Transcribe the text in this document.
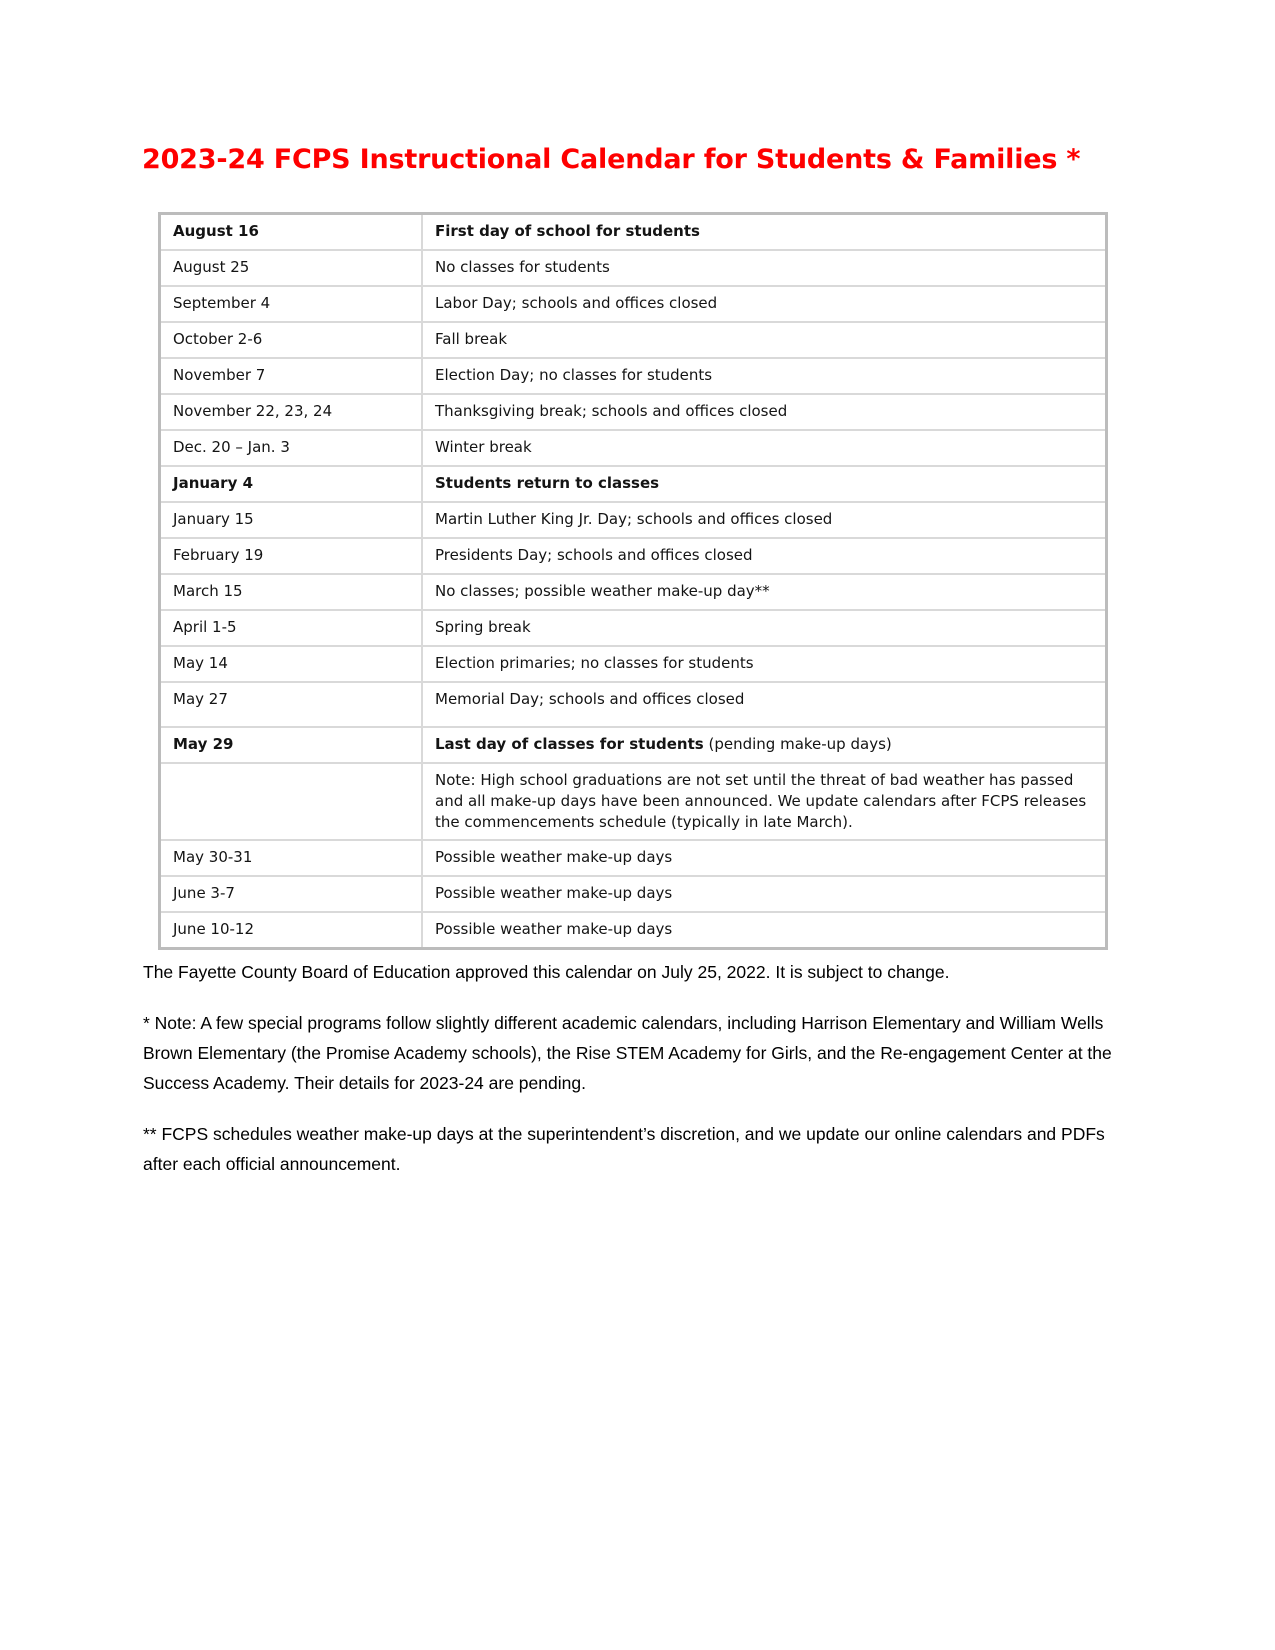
2023-24 FCPS Instructional Calendar for Students & Families *
August 16	First day of school for students
August 25	No classes for students
September 4	Labor Day; schools and offices closed
October 2-6	Fall break
November 7	Election Day; no classes for students
November 22, 23, 24	Thanksgiving break; schools and offices closed
Dec. 20 – Jan. 3	Winter break
January 4	Students return to classes
January 15	Martin Luther King Jr. Day; schools and offices closed
February 19	Presidents Day; schools and offices closed
March 15	No classes; possible weather make-up day**
April 1-5	Spring break
May 14	Election primaries; no classes for students
May 27	Memorial Day; schools and offices closed
May 29	Last day of classes for students (pending make-up days)
	Note: High school graduations are not set until the threat of bad weather has passed and all make-up days have been announced. We update calendars after FCPS releases the commencements schedule (typically in late March).
May 30-31	Possible weather make-up days
June 3-7	Possible weather make-up days
June 10-12	Possible weather make-up days

The Fayette County Board of Education approved this calendar on July 25, 2022. It is subject to change.

* Note: A few special programs follow slightly different academic calendars, including Harrison Elementary and William Wells Brown Elementary (the Promise Academy schools), the Rise STEM Academy for Girls, and the Re-engagement Center at the Success Academy. Their details for 2023-24 are pending.

** FCPS schedules weather make-up days at the superintendent’s discretion, and we update our online calendars and PDFs after each official announcement.
